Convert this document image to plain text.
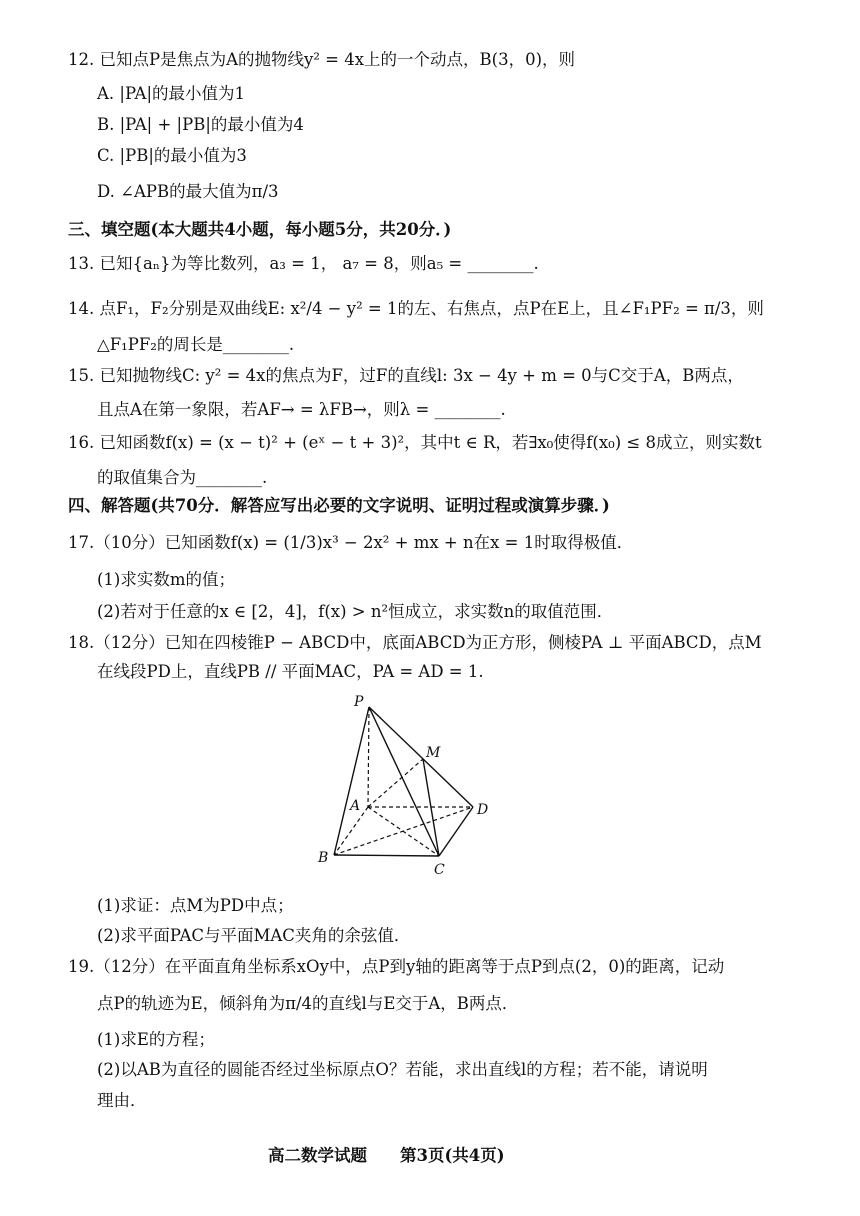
12. 已知点P是焦点为A的抛物线y² = 4x上的一个动点，B(3，0)，则
A. |PA|的最小值为1
B. |PA| + |PB|的最小值为4
C. |PB|的最小值为3
D. ∠APB的最大值为π/3
三、填空题(本大题共4小题，每小题5分，共20分．)
13. 已知{aₙ}为等比数列，a₃ = 1， a₇ = 8，则a₅ = ________.
14. 点F₁，F₂分别是双曲线E: x²/4 − y² = 1的左、右焦点，点P在E上，且∠F₁PF₂ = π/3，则
△F₁PF₂的周长是________.
15. 已知抛物线C: y² = 4x的焦点为F，过F的直线l: 3x − 4y + m = 0与C交于A，B两点，
且点A在第一象限，若AF→ = λFB→，则λ = ________.
16. 已知函数f(x) = (x − t)² + (eˣ − t + 3)²，其中t ∈ R，若∃x₀使得f(x₀) ≤ 8成立，则实数t
的取值集合为________.
四、解答题(共70分．解答应写出必要的文字说明、证明过程或演算步骤．)
17.（10分）已知函数f(x) = (1/3)x³ − 2x² + mx + n在x = 1时取得极值．
(1)求实数m的值；
(2)若对于任意的x ∈ [2，4]，f(x) > n²恒成立，求实数n的取值范围．
18.（12分）已知在四棱锥P − ABCD中，底面ABCD为正方形，侧棱PA ⊥ 平面ABCD，点M
在线段PD上，直线PB // 平面MAC，PA = AD = 1.
P
M
A	D
B
C
(1)求证：点M为PD中点；
(2)求平面PAC与平面MAC夹角的余弦值．
19.（12分）在平面直角坐标系xOy中，点P到y轴的距离等于点P到点(2，0)的距离，记动
点P的轨迹为E，倾斜角为π/4的直线l与E交于A，B两点．
(1)求E的方程；
(2)以AB为直径的圆能否经过坐标原点O？若能，求出直线l的方程；若不能，请说明
理由．
高二数学试题　　第3页(共4页)
